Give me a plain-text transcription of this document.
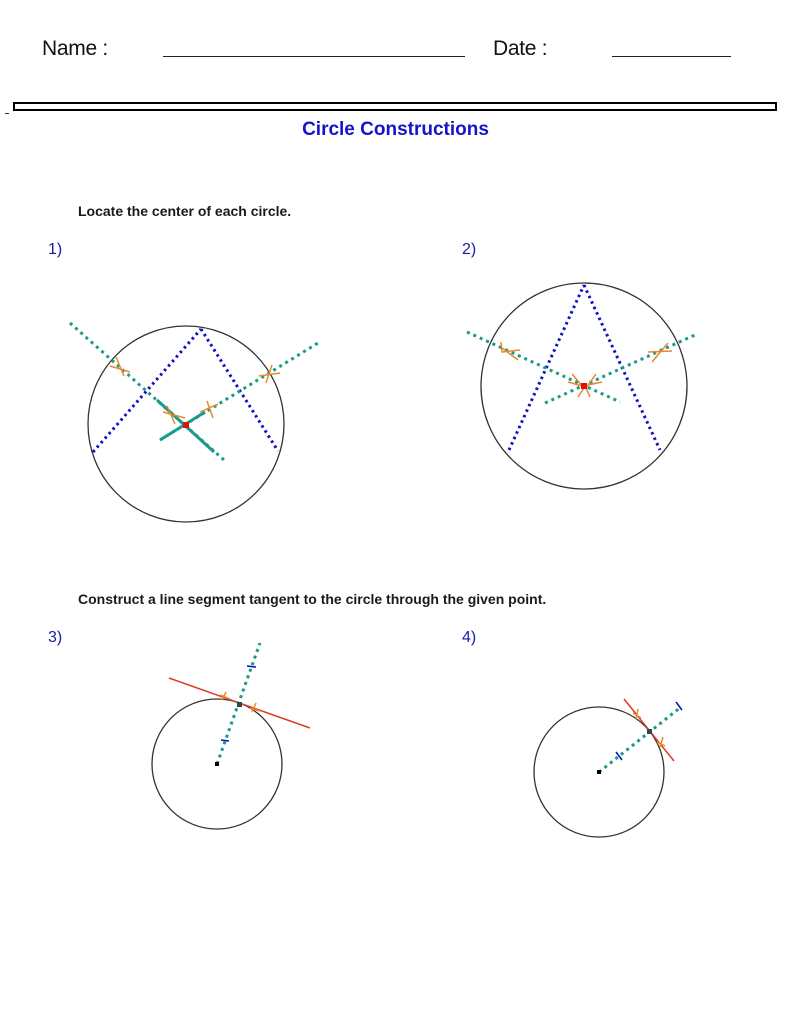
Name :	Date :
Circle Constructions
Locate the center of each circle.
1)	2)
Construct a line segment tangent to the circle through the given point.
3)	4)
